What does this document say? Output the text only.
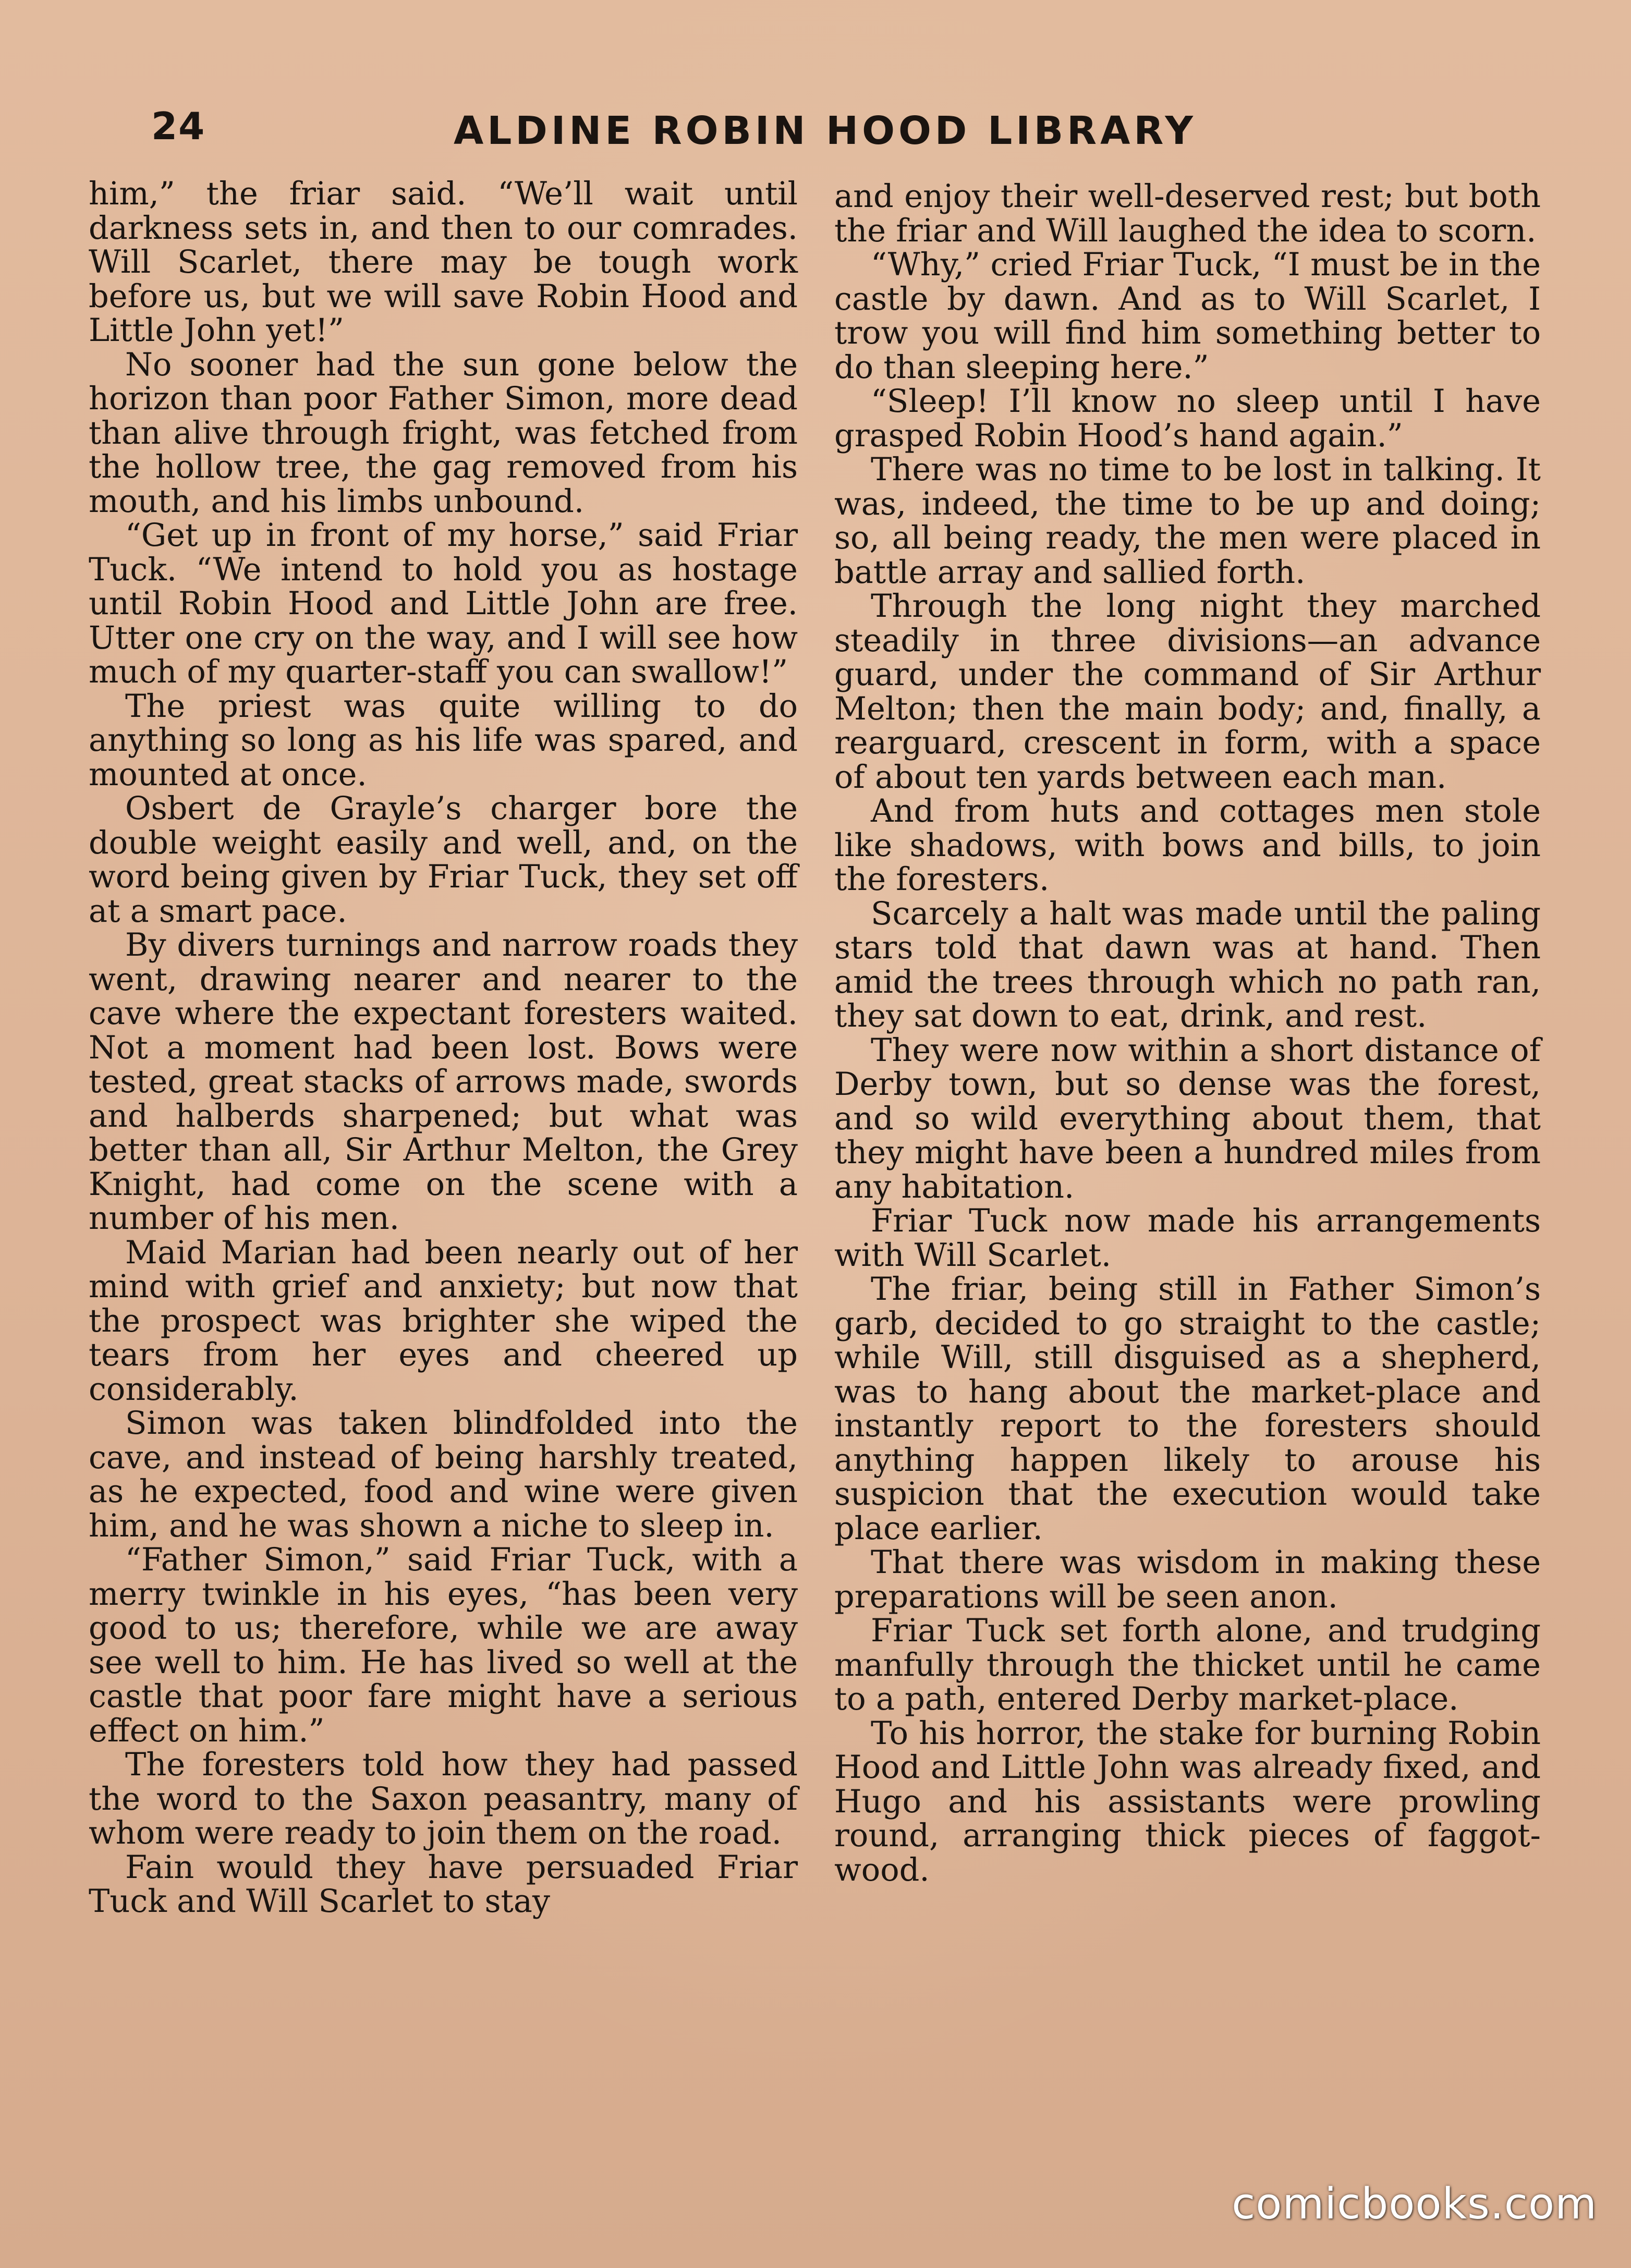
24	ALDINE ROBIN HOOD LIBRARY

him,” the friar said. “We’ll wait until darkness sets in, and then to our comrades. Will Scarlet, there may be tough work before us, but we will save Robin Hood and Little John yet!”

No sooner had the sun gone below the horizon than poor Father Simon, more dead than alive through fright, was fetched from the hollow tree, the gag removed from his mouth, and his limbs unbound.

“Get up in front of my horse,” said Friar Tuck. “We intend to hold you as hostage until Robin Hood and Little John are free. Utter one cry on the way, and I will see how much of my quarter-staff you can swallow!”

The priest was quite willing to do anything so long as his life was spared, and mounted at once.

Osbert de Grayle’s charger bore the double weight easily and well, and, on the word being given by Friar Tuck, they set off at a smart pace.

By divers turnings and narrow roads they went, drawing nearer and nearer to the cave where the expectant foresters waited. Not a moment had been lost. Bows were tested, great stacks of arrows made, swords and halberds sharpened; but what was better than all, Sir Arthur Melton, the Grey Knight, had come on the scene with a number of his men.

Maid Marian had been nearly out of her mind with grief and anxiety; but now that the prospect was brighter she wiped the tears from her eyes and cheered up considerably.

Simon was taken blindfolded into the cave, and instead of being harshly treated, as he expected, food and wine were given him, and he was shown a niche to sleep in.

“Father Simon,” said Friar Tuck, with a merry twinkle in his eyes, “has been very good to us; therefore, while we are away see well to him. He has lived so well at the castle that poor fare might have a serious effect on him.”

The foresters told how they had passed the word to the Saxon peasantry, many of whom were ready to join them on the road.

Fain would they have persuaded Friar Tuck and Will Scarlet to stay

and enjoy their well-deserved rest; but both the friar and Will laughed the idea to scorn.

“Why,” cried Friar Tuck, “I must be in the castle by dawn. And as to Will Scarlet, I trow you will find him something better to do than sleeping here.”

“Sleep! I’ll know no sleep until I have grasped Robin Hood’s hand again.”

There was no time to be lost in talking. It was, indeed, the time to be up and doing; so, all being ready, the men were placed in battle array and sallied forth.

Through the long night they marched steadily in three divisions—an advance guard, under the command of Sir Arthur Melton; then the main body; and, finally, a rearguard, crescent in form, with a space of about ten yards between each man.

And from huts and cottages men stole like shadows, with bows and bills, to join the foresters.

Scarcely a halt was made until the paling stars told that dawn was at hand. Then amid the trees through which no path ran, they sat down to eat, drink, and rest.

They were now within a short distance of Derby town, but so dense was the forest, and so wild everything about them, that they might have been a hundred miles from any habitation.

Friar Tuck now made his arrangements with Will Scarlet.

The friar, being still in Father Simon’s garb, decided to go straight to the castle; while Will, still disguised as a shepherd, was to hang about the market-place and instantly report to the foresters should anything happen likely to arouse his suspicion that the execution would take place earlier.

That there was wisdom in making these preparations will be seen anon.

Friar Tuck set forth alone, and trudging manfully through the thicket until he came to a path, entered Derby market-place.

To his horror, the stake for burning Robin Hood and Little John was already fixed, and Hugo and his assistants were prowling round, arranging thick pieces of faggot-wood.

comicbooks.com
